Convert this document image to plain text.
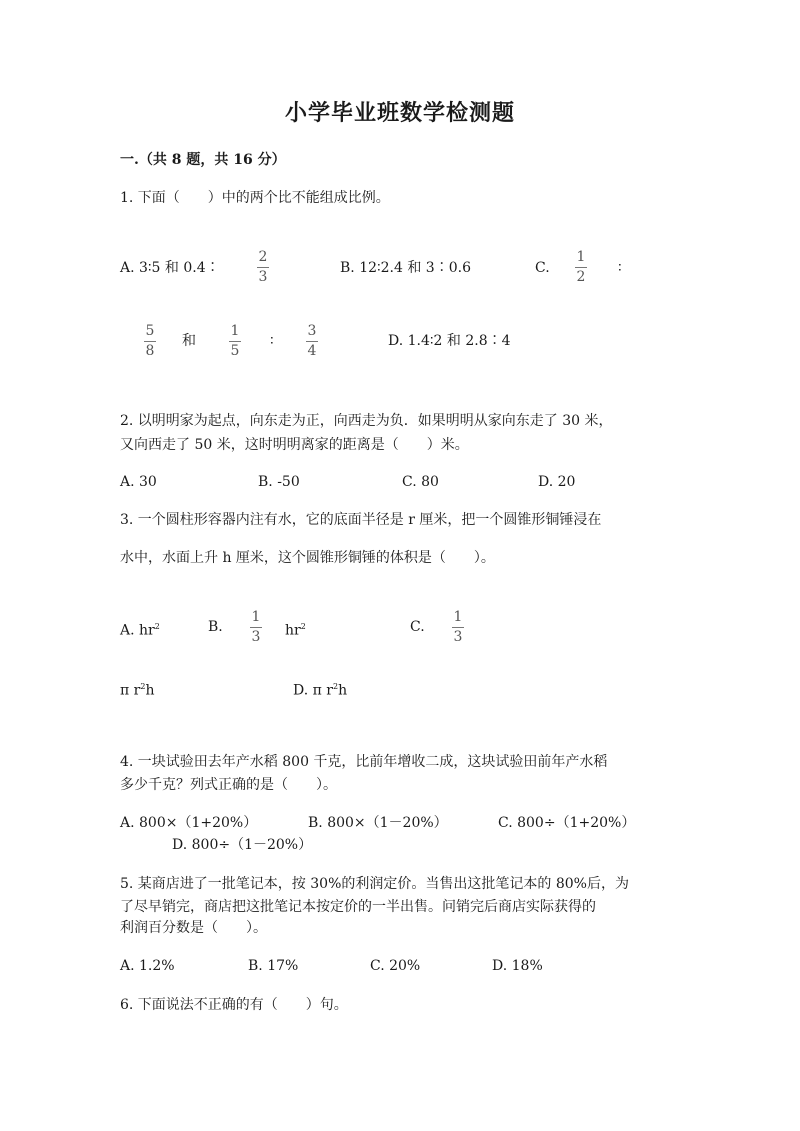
小学毕业班数学检测题
一.（共 8 题，共 16 分）
1. 下面（　　）中的两个比不能组成比例。
A. 3∶5 和 0.4∶
2
3
B. 12∶2.4 和 3∶0.6	C.
1
2
∶
5
8
和
1
5
∶
3
4
D. 1.4∶2 和 2.8∶4
2. 以明明家为起点，向东走为正，向西走为负．如果明明从家向东走了 30 米，
又向西走了 50 米，这时明明离家的距离是（　　）米。
A. 30	B. -50	C. 80	D. 20
3. 一个圆柱形容器内注有水，它的底面半径是 r 厘米，把一个圆锥形铜锤浸在
水中，水面上升 h 厘米，这个圆锥形铜锤的体积是（　　）。
A. $hr^2$	B.
1
3 $hr^2$	C.
1
3
π $r^2h$	D. π $r^2h$
4. 一块试验田去年产水稻 800 千克，比前年增收二成，这块试验田前年产水稻
多少千克？列式正确的是（　　）。
A. 800×（1+20%）	B. 800×（1－20%）	C. 800÷（1+20%）
D. 800÷（1－20%）
5. 某商店进了一批笔记本，按 30%的利润定价。当售出这批笔记本的 80%后，为
了尽早销完，商店把这批笔记本按定价的一半出售。问销完后商店实际获得的
利润百分数是（　　）。
A. 1.2%	B. 17%	C. 20%	D. 18%
6. 下面说法不正确的有（　　）句。
